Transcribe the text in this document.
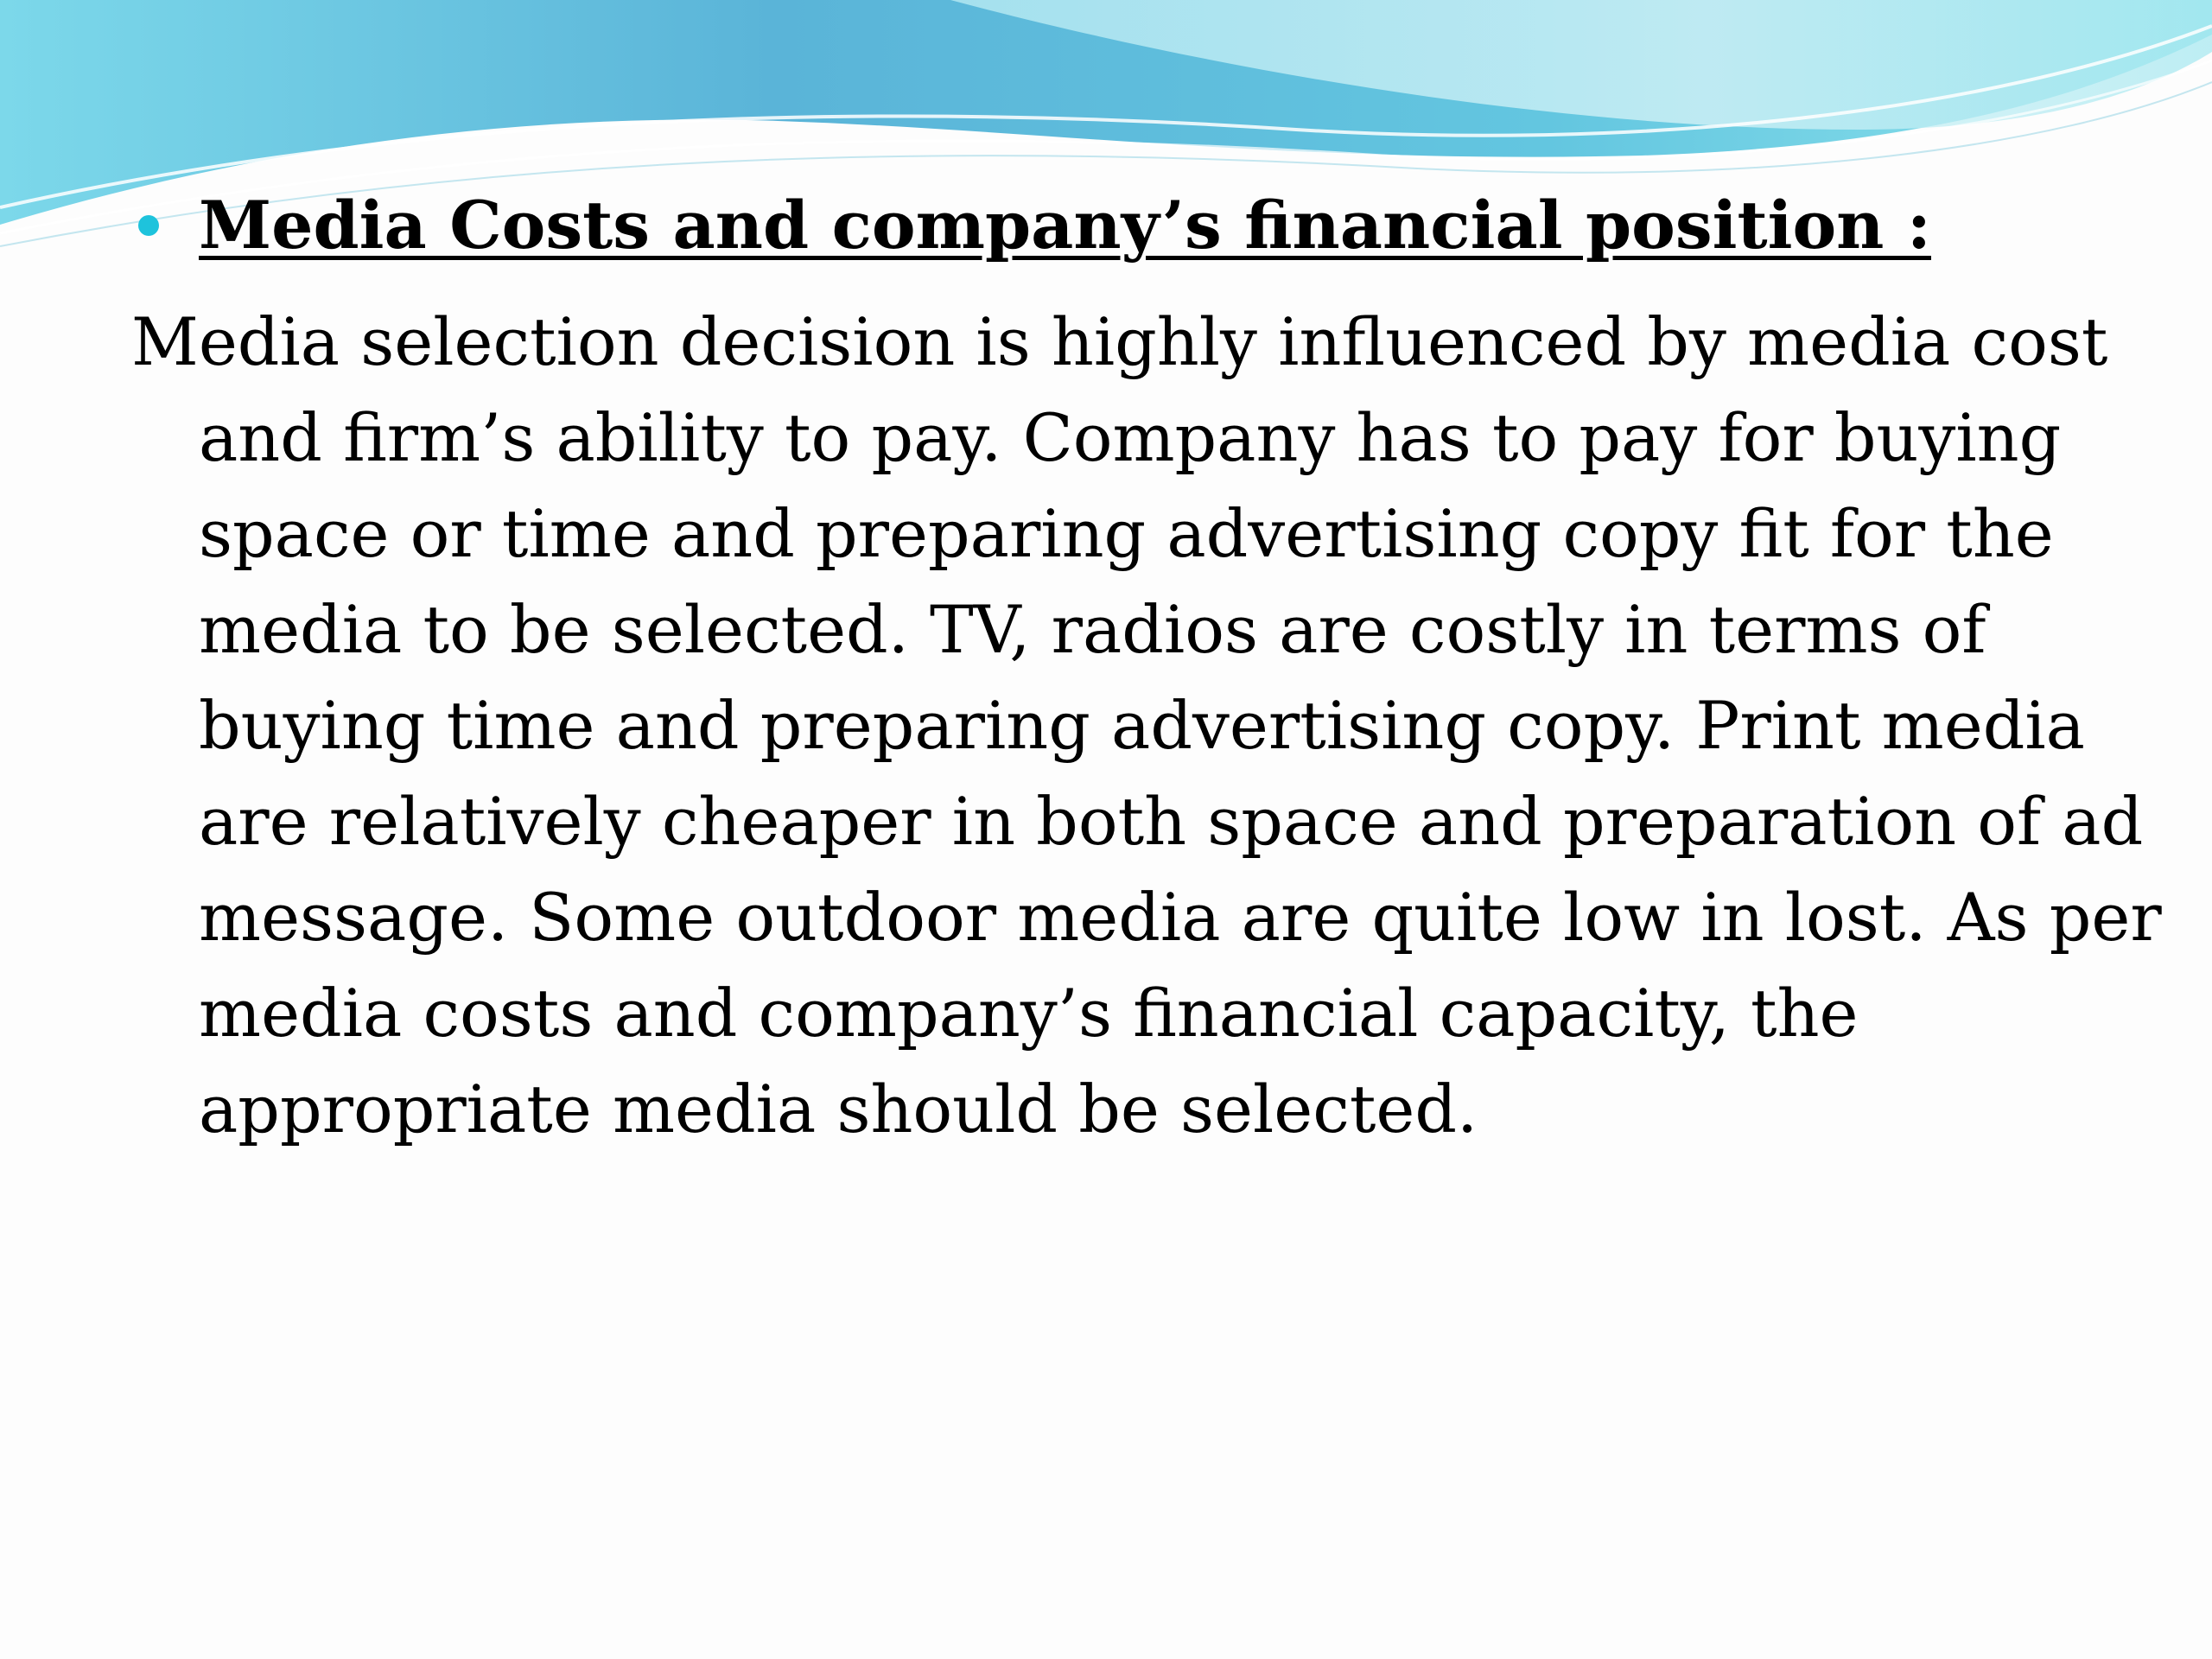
Media Costs and company’s financial position :

Media selection decision is highly influenced by media cost and firm’s ability to pay. Company has to pay for buying space or time and preparing advertising copy fit for the media to be selected. TV, radios are costly in terms of buying time and preparing advertising copy. Print media are relatively cheaper in both space and preparation of ad message. Some outdoor media are quite low in lost. As per media costs and company’s financial capacity, the appropriate media should be selected.
